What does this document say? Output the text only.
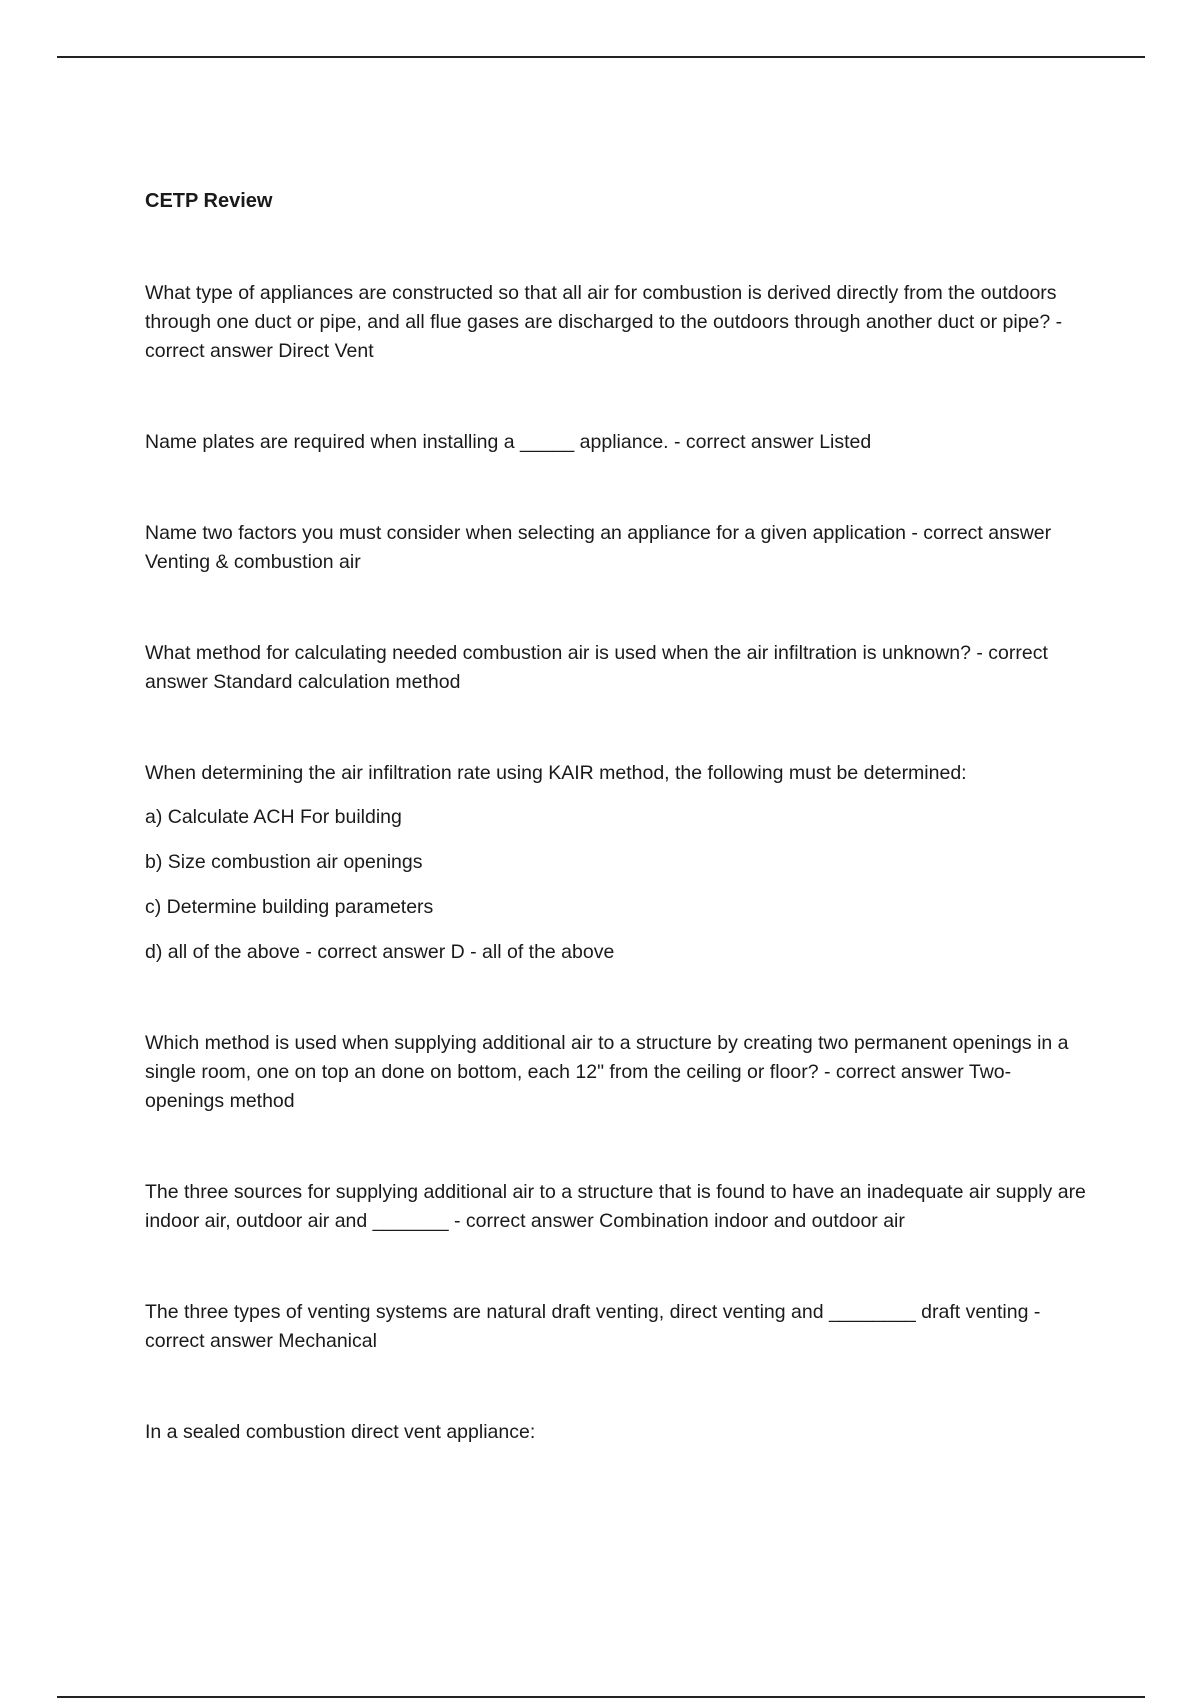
CETP Review

What type of appliances are constructed so that all air for combustion is derived directly from the outdoors through one duct or pipe, and all flue gases are discharged to the outdoors through another duct or pipe? - correct answer Direct Vent

Name plates are required when installing a _____ appliance. - correct answer Listed

Name two factors you must consider when selecting an appliance for a given application - correct answer Venting & combustion air

What method for calculating needed combustion air is used when the air infiltration is unknown? - correct answer Standard calculation method

When determining the air infiltration rate using KAIR method, the following must be determined:

a) Calculate ACH For building

b) Size combustion air openings

c) Determine building parameters

d) all of the above - correct answer D - all of the above

Which method is used when supplying additional air to a structure by creating two permanent openings in a single room, one on top an done on bottom, each 12" from the ceiling or floor? - correct answer Two-openings method

The three sources for supplying additional air to a structure that is found to have an inadequate air supply are indoor air, outdoor air and _______ - correct answer Combination indoor and outdoor air

The three types of venting systems are natural draft venting, direct venting and ________ draft venting - correct answer Mechanical

In a sealed combustion direct vent appliance:
